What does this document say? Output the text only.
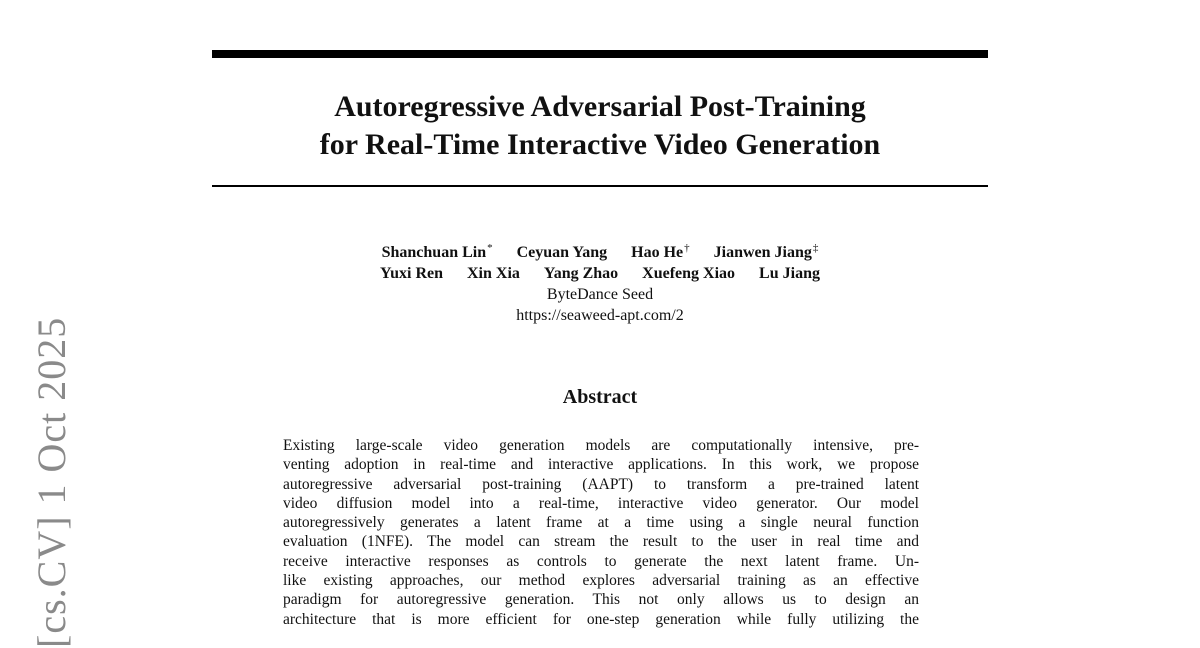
[cs.CV] 1 Oct 2025
Autoregressive Adversarial Post-Training
for Real-Time Interactive Video Generation
Shanchuan Lin* Ceyuan Yang Hao He† Jianwen Jiang‡
Yuxi Ren Xin Xia Yang Zhao Xuefeng Xiao Lu Jiang
ByteDance Seed
https://seaweed-apt.com/2
Abstract
Existing large-scale video generation models are computationally intensive, pre-
venting adoption in real-time and interactive applications. In this work, we propose
autoregressive adversarial post-training (AAPT) to transform a pre-trained latent
video diffusion model into a real-time, interactive video generator. Our model
autoregressively generates a latent frame at a time using a single neural function
evaluation (1NFE). The model can stream the result to the user in real time and
receive interactive responses as controls to generate the next latent frame. Un-
like existing approaches, our method explores adversarial training as an effective
paradigm for autoregressive generation. This not only allows us to design an
architecture that is more efficient for one-step generation while fully utilizing the
